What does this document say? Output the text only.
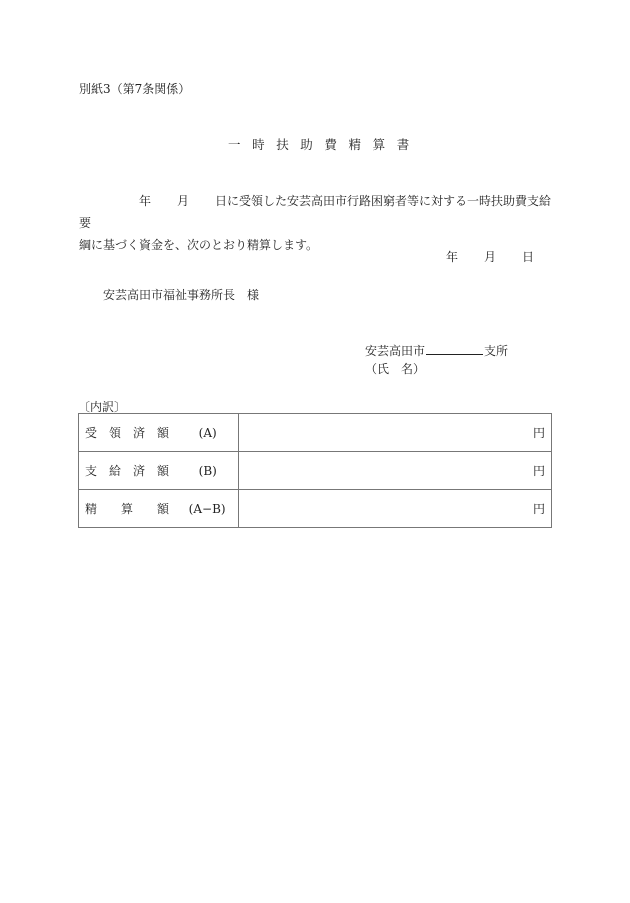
別紙3（第7条関係）
一時扶助費精算書
年 月 日に受領した安芸高田市行路困窮者等に対する一時扶助費支給要
綱に基づく資金を、次のとおり精算します。
年 月 日
安芸高田市福祉事務所長　様
安芸高田市	支所
（氏　名）
〔内訳〕
受　領　済　額 (A)	円
支　給　済　額 (B)	円
精　　算　　額 (A−B)	円
